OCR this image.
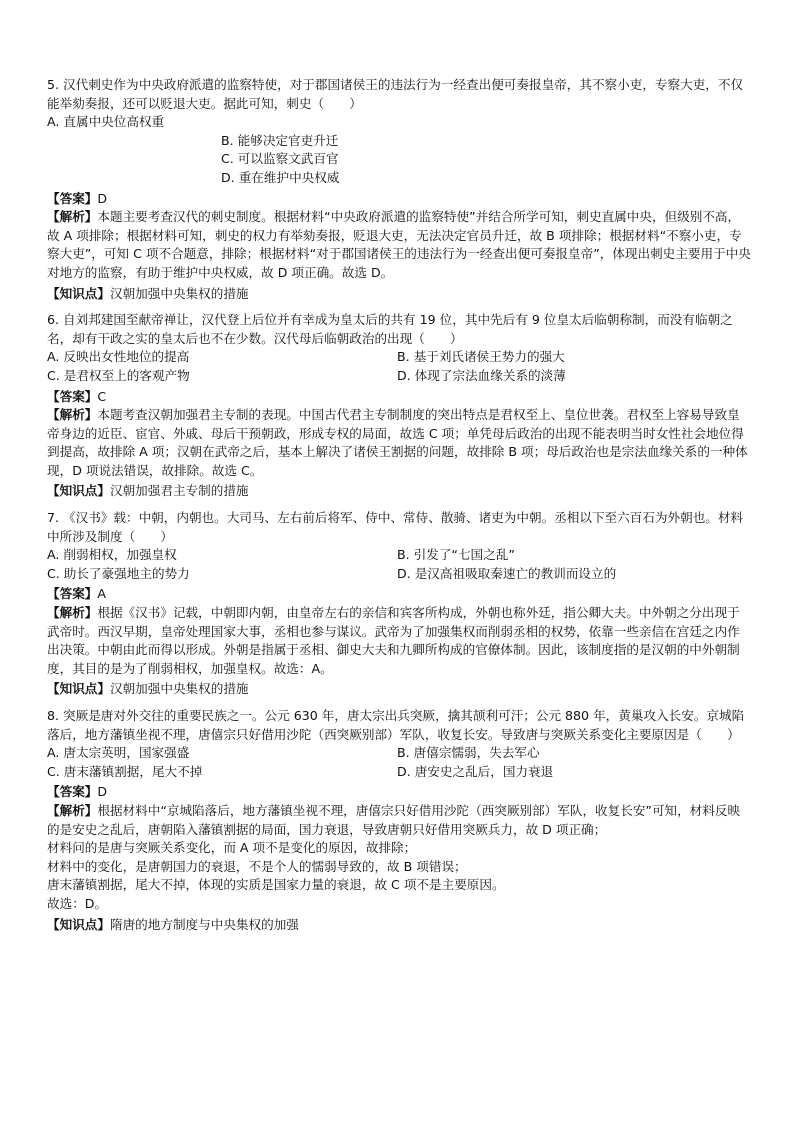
5. 汉代刺史作为中央政府派遣的监察特使，对于郡国诸侯王的违法行为一经查出便可奏报皇帝，其不察小吏，专察大吏，不仅能举劾奏报，还可以贬退大吏。据此可知，刺史（　　）
A. 直属中央位高权重
B. 能够决定官吏升迁
C. 可以监察文武百官
D. 重在维护中央权威
【答案】D
【解析】本题主要考查汉代的刺史制度。根据材料“中央政府派遣的监察特使”并结合所学可知，刺史直属中央，但级别不高，故 A 项排除；根据材料可知，刺史的权力有举劾奏报，贬退大吏，无法决定官员升迁，故 B 项排除；根据材料“不察小吏，专察大吏”，可知 C 项不合题意，排除；根据材料“对于郡国诸侯王的违法行为一经查出便可奏报皇帝”，体现出刺史主要用于中央对地方的监察，有助于维护中央权威，故 D 项正确。故选 D。
【知识点】汉朝加强中央集权的措施
6. 自刘邦建国至献帝禅让，汉代登上后位并有幸成为皇太后的共有 19 位，其中先后有 9 位皇太后临朝称制，而没有临朝之名，却有干政之实的皇太后也不在少数。汉代母后临朝政治的出现（　　）
A. 反映出女性地位的提高	B. 基于刘氏诸侯王势力的强大
C. 是君权至上的客观产物	D. 体现了宗法血缘关系的淡薄
【答案】C
【解析】本题考查汉朝加强君主专制的表现。中国古代君主专制制度的突出特点是君权至上、皇位世袭。君权至上容易导致皇帝身边的近臣、宦官、外戚、母后干预朝政，形成专权的局面，故选 C 项；单凭母后政治的出现不能表明当时女性社会地位得到提高，故排除 A 项；汉朝在武帝之后，基本上解决了诸侯王割据的问题，故排除 B 项；母后政治也是宗法血缘关系的一种体现，D 项说法错误，故排除。故选 C。
【知识点】汉朝加强君主专制的措施
7. 《汉书》载：中朝，内朝也。大司马、左右前后将军、侍中、常侍、散骑、诸吏为中朝。丞相以下至六百石为外朝也。材料中所涉及制度（　　）
A. 削弱相权，加强皇权	B. 引发了“七国之乱”
C. 助长了豪强地主的势力	D. 是汉高祖吸取秦速亡的教训而设立的
【答案】A
【解析】根据《汉书》记载，中朝即内朝，由皇帝左右的亲信和宾客所构成，外朝也称外廷，指公卿大夫。中外朝之分出现于武帝时。西汉早期，皇帝处理国家大事，丞相也参与谋议。武帝为了加强集权而削弱丞相的权势，依靠一些亲信在宫廷之内作出决策。中朝由此而得以形成。外朝是指属于丞相、御史大夫和九卿所构成的官僚体制。因此，该制度指的是汉朝的中外朝制度，其目的是为了削弱相权，加强皇权。故选：A。
【知识点】汉朝加强中央集权的措施
8. 突厥是唐对外交往的重要民族之一。公元 630 年，唐太宗出兵突厥，擒其颉利可汗；公元 880 年，黄巢攻入长安。京城陷落后，地方藩镇坐视不理，唐僖宗只好借用沙陀（西突厥别部）军队，收复长安。导致唐与突厥关系变化主要原因是（　　）
A. 唐太宗英明，国家强盛	B. 唐僖宗懦弱，失去军心
C. 唐末藩镇割据，尾大不掉	D. 唐安史之乱后，国力衰退
【答案】D
【解析】根据材料中“京城陷落后，地方藩镇坐视不理，唐僖宗只好借用沙陀（西突厥别部）军队，收复长安”可知，材料反映的是安史之乱后，唐朝陷入藩镇割据的局面，国力衰退，导致唐朝只好借用突厥兵力，故 D 项正确；
材料问的是唐与突厥关系变化，而 A 项不是变化的原因，故排除；
材料中的变化，是唐朝国力的衰退，不是个人的懦弱导致的，故 B 项错误；
唐末藩镇割据，尾大不掉，体现的实质是国家力量的衰退，故 C 项不是主要原因。
故选：D。
【知识点】隋唐的地方制度与中央集权的加强
